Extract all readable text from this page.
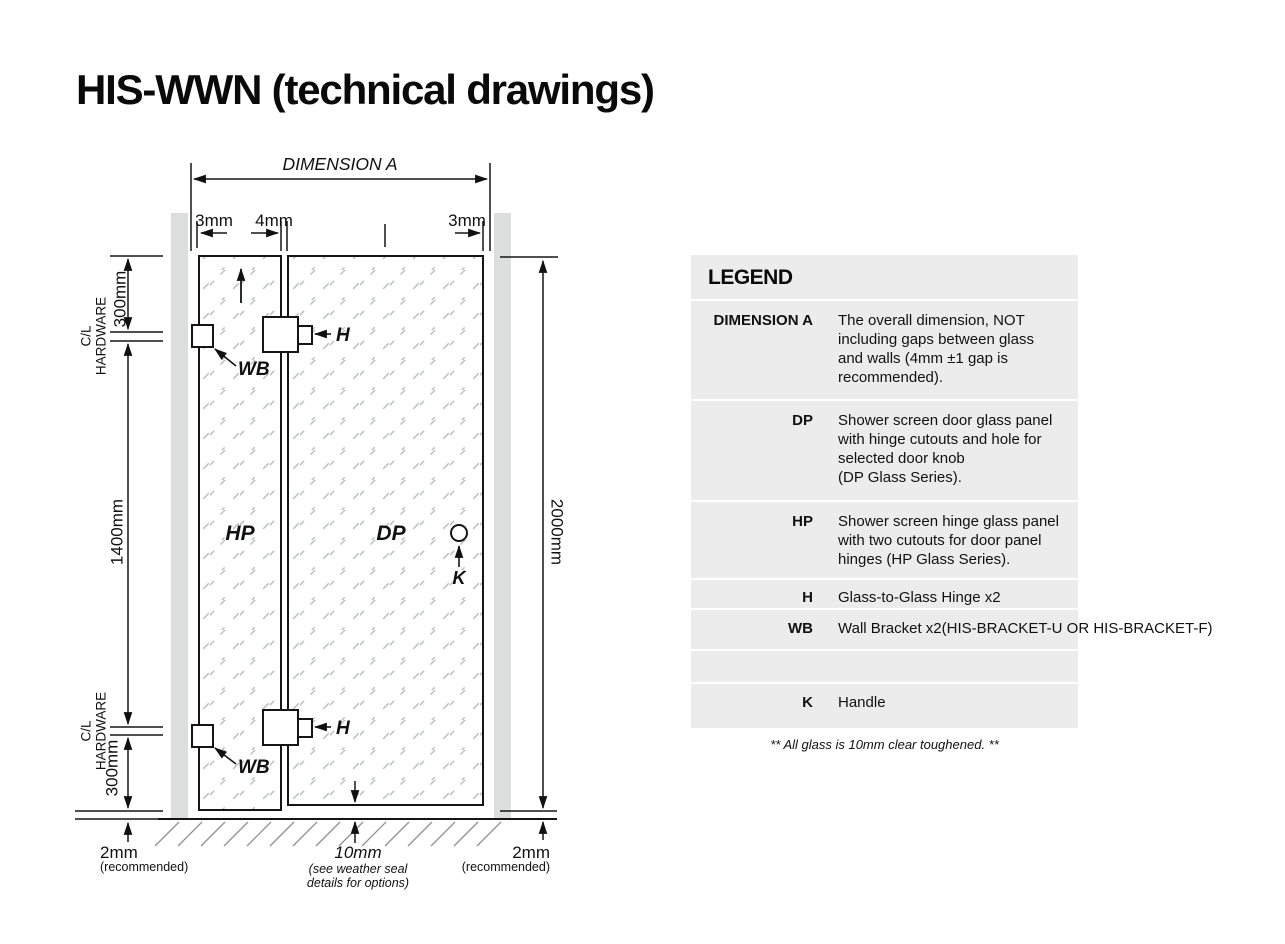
HIS-WWN (technical drawings)
DIMENSION A
3mm 4mm	3mm
C/L HARDWARE 300mm
1400mm
C/L HARDWARE
300mm
2000mm
2mm
(recommended)
10mm
(see weather seal
details for options)
2mm
(recommended)
WB
WB
H
H
K
HP	DP
LEGEND
DIMENSION A The overall dimension, NOT
including gaps between glass
and walls (4mm ±1 gap is
recommended).
DP Shower screen door glass panel
with hinge cutouts and hole for
selected door knob
(DP Glass Series).
HP Shower screen hinge glass panel
with two cutouts for door panel
hinges (HP Glass Series).
H Glass-to-Glass Hinge x2
WB Wall Bracket x2(HIS-BRACKET-U OR HIS-BRACKET-F)
K Handle
** All glass is 10mm clear toughened. **
